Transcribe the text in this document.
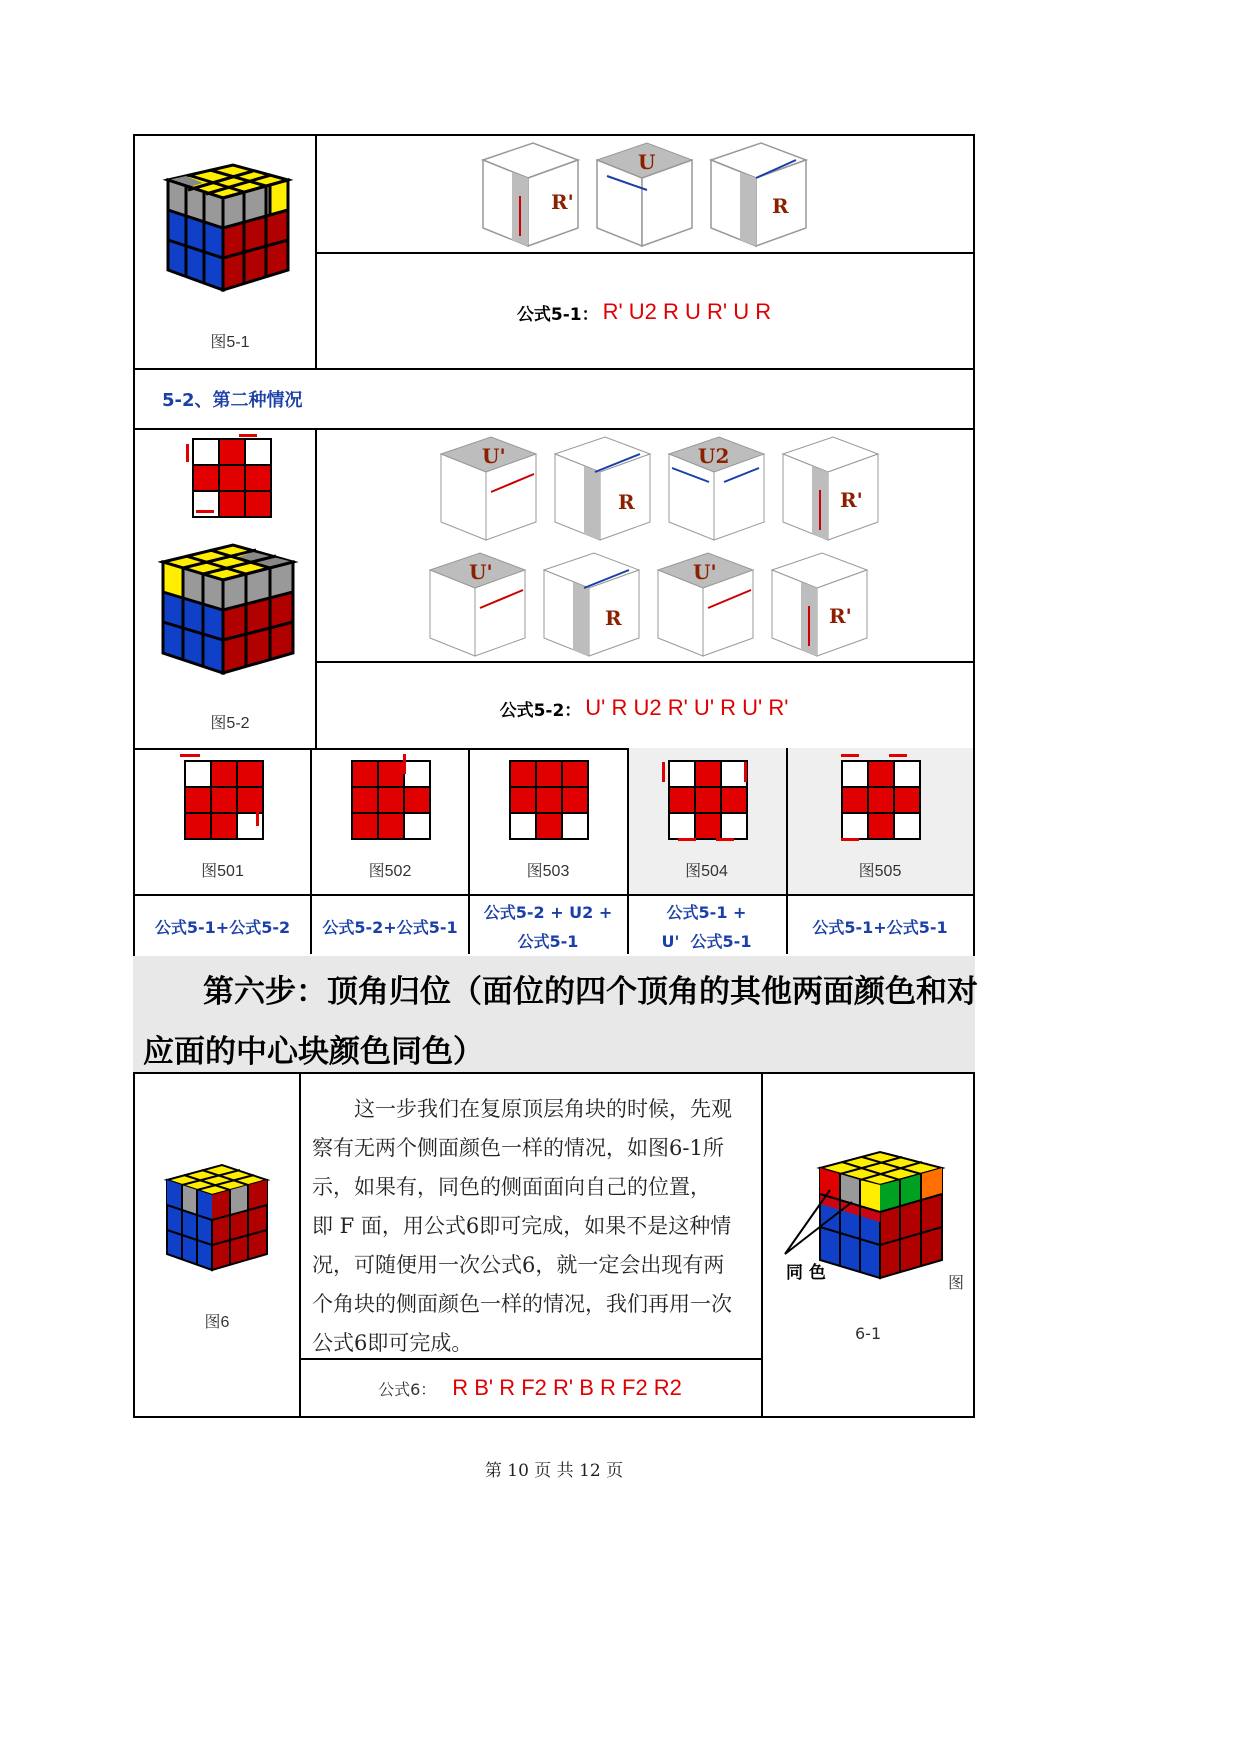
图5-1
R'
U
R
公式5-1： R' U2 R U R' U R
5-2、第二种情况
图5-2
U'
R
U2
R'
U'
R
U'
R'
公式5-2： U' R U2 R' U' R U' R'
图501
公式5-1+公式5-2
图502
公式5-2+公式5-1
图503
公式5-2 + U2 +
公式5-1
图504
公式5-1 +
U'  公式5-1
图505
公式5-1+公式5-1
第六步：顶角归位（面位的四个顶角的其他两面颜色和对
应面的中心块颜色同色）
图6
这一步我们在复原顶层角块的时候，先观
察有无两个侧面颜色一样的情况，如图6-1所
示，如果有，同色的侧面面向自己的位置，
即 F 面，用公式6即可完成，如果不是这种情
况，可随便用一次公式6，就一定会出现有两
个角块的侧面颜色一样的情况，我们再用一次
公式6即可完成。
公式6： R B' R F2 R' B R F2 R2
同 色	图
6-1
第 10 页 共 12 页
